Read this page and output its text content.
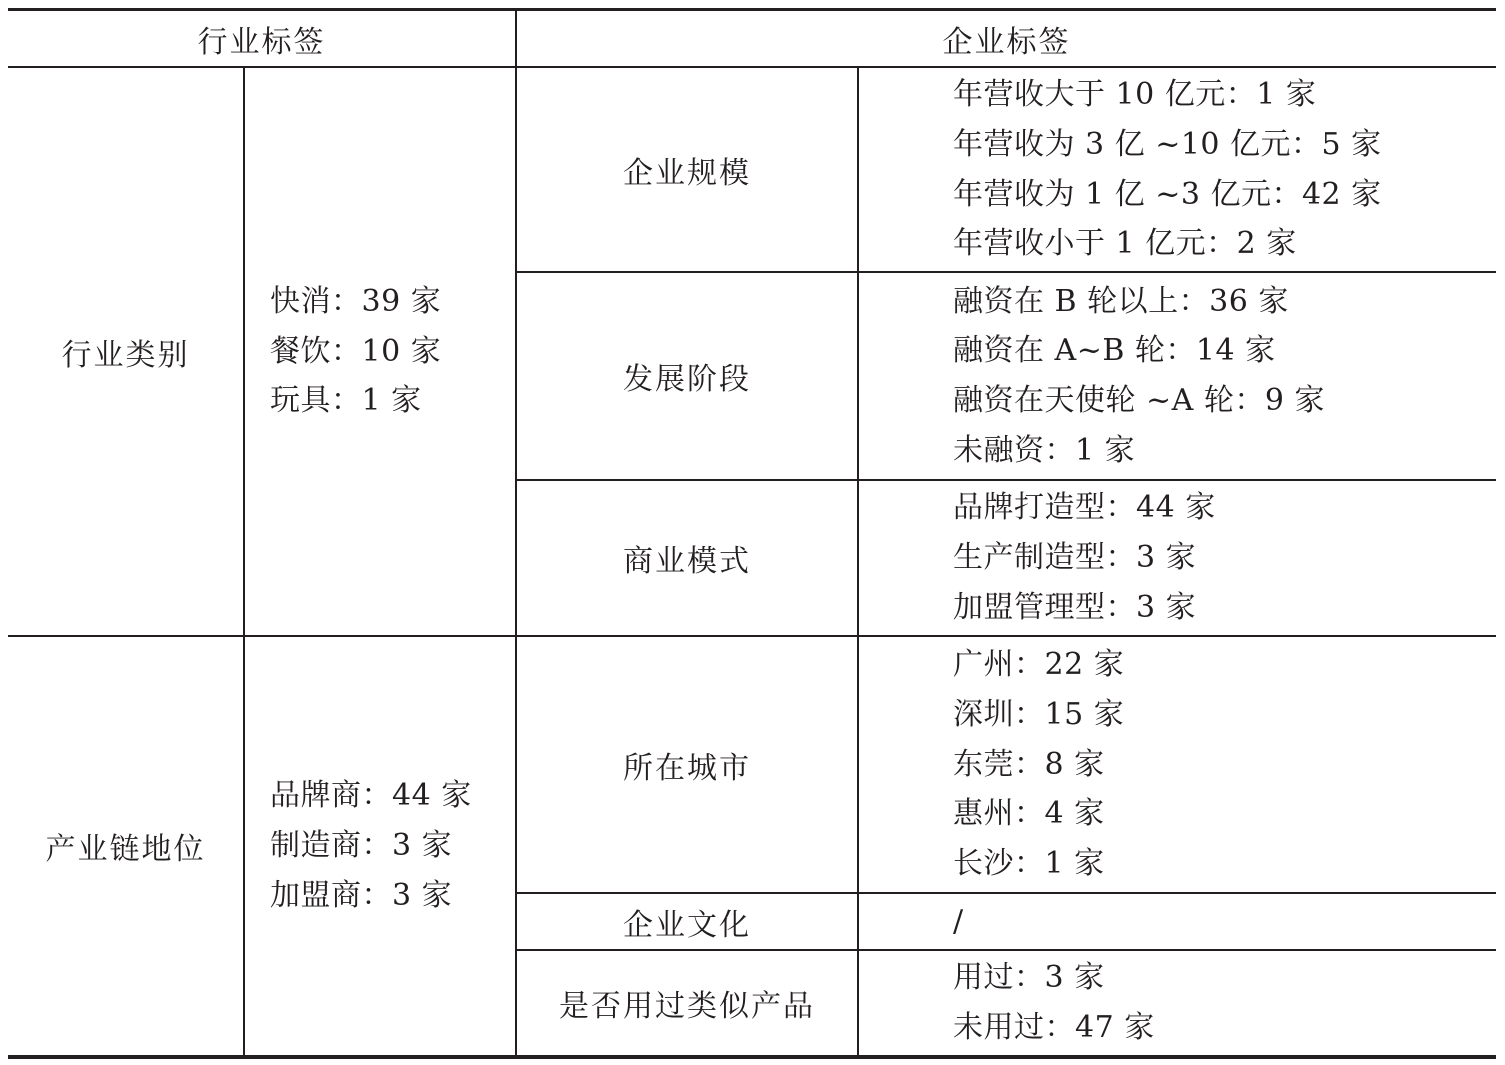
行业标签	企业标签
行业类别
快消：39 家
餐饮：10 家
玩具：1 家
产业链地位
品牌商：44 家
制造商：3 家
加盟商：3 家
企业规模
年营收大于 10 亿元：1 家
年营收为 3 亿 ~10 亿元：5 家
年营收为 1 亿 ~3 亿元：42 家
年营收小于 1 亿元：2 家
发展阶段
融资在 B 轮以上：36 家
融资在 A~B 轮：14 家
融资在天使轮 ~A 轮：9 家
未融资：1 家
商业模式
品牌打造型：44 家
生产制造型：3 家
加盟管理型：3 家
所在城市
广州：22 家
深圳：15 家
东莞：8 家
惠州：4 家
长沙：1 家
企业文化	/
是否用过类似产品
用过：3 家
未用过：47 家
